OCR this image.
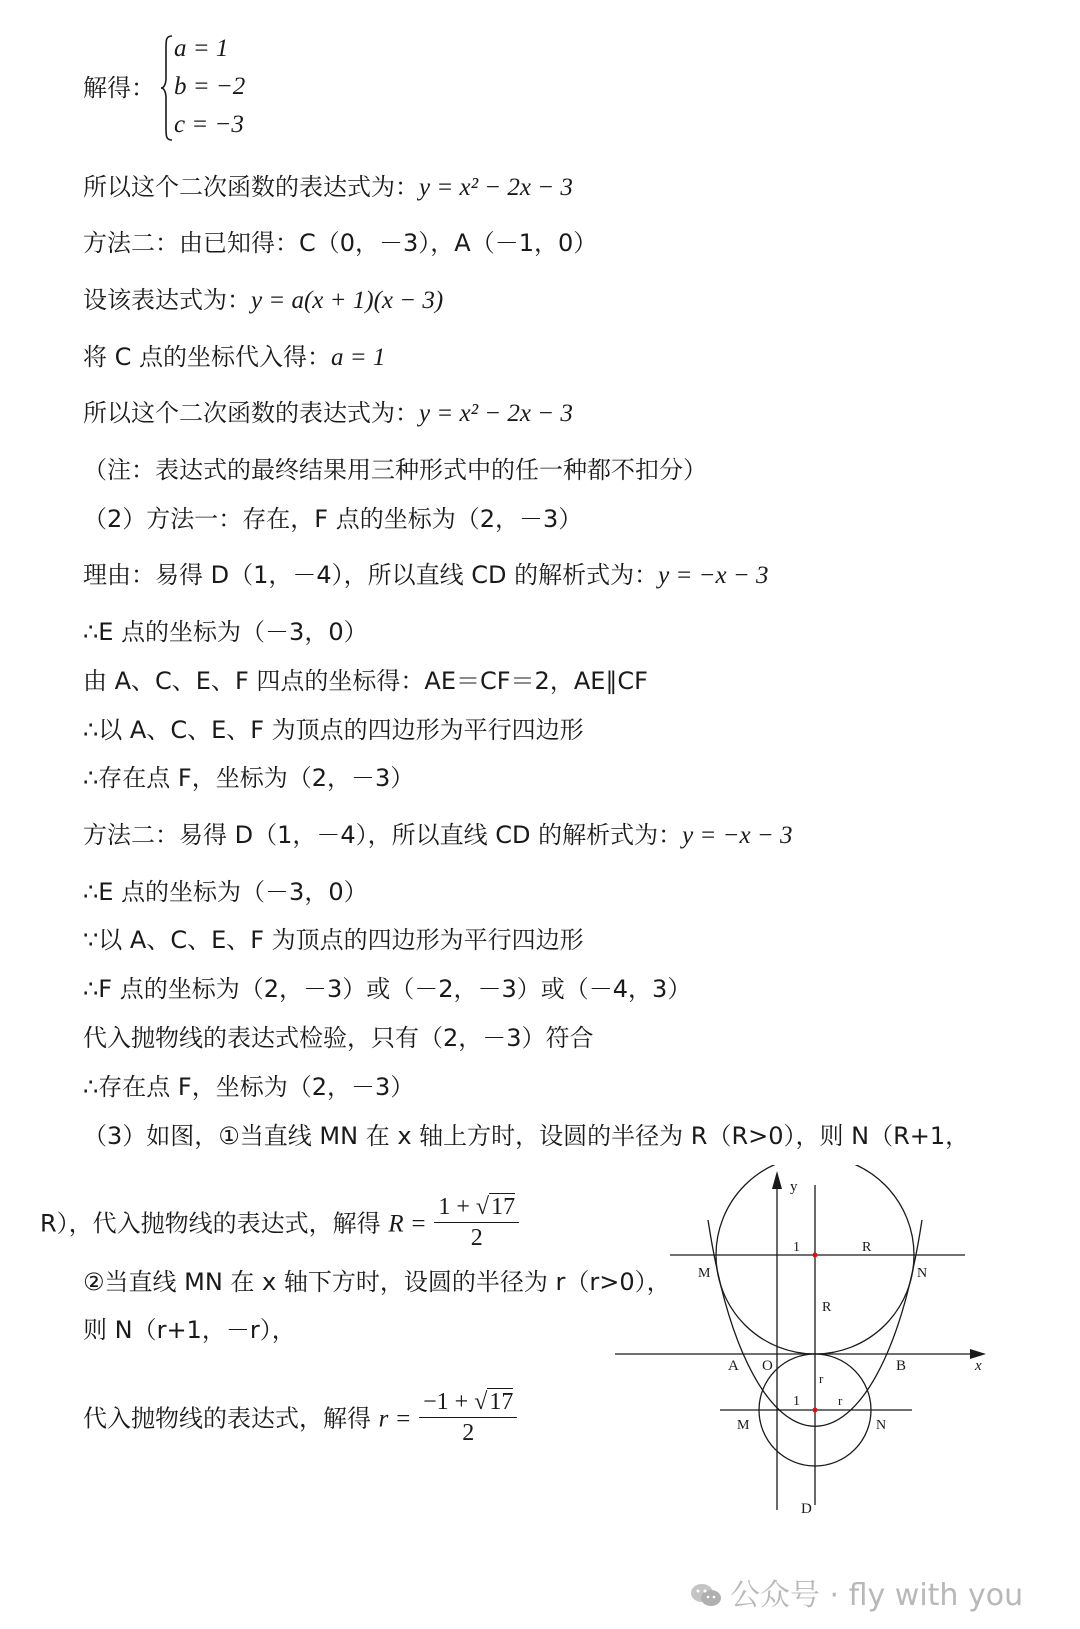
解得：
a = 1
b = −2
c = −3
所以这个二次函数的表达式为：y = x² − 2x − 3
方法二：由已知得：C（0，－3），A（－1，0）
设该表达式为：y = a(x + 1)(x − 3)
将 C 点的坐标代入得：a = 1
所以这个二次函数的表达式为：y = x² − 2x − 3
（注：表达式的最终结果用三种形式中的任一种都不扣分）
（2）方法一：存在，F 点的坐标为（2，－3）
理由：易得 D（1，－4），所以直线 CD 的解析式为：y = −x − 3
∴E 点的坐标为（－3，0）
由 A、C、E、F 四点的坐标得：AE＝CF＝2，AE∥CF
∴以 A、C、E、F 为顶点的四边形为平行四边形
∴存在点 F，坐标为（2，－3）
方法二：易得 D（1，－4），所以直线 CD 的解析式为：y = −x − 3
∴E 点的坐标为（－3，0）
∵以 A、C、E、F 为顶点的四边形为平行四边形
∴F 点的坐标为（2，－3）或（－2，－3）或（－4，3）
代入抛物线的表达式检验，只有（2，－3）符合
∴存在点 F，坐标为（2，－3）
（3）如图，①当直线 MN 在 x 轴上方时，设圆的半径为 R（R>0），则 N（R+1，
R），代入抛物线的表达式，解得 $R = \frac{1 + √17}{2}$
②当直线 MN 在 x 轴下方时，设圆的半径为 r（r>0），
则 N（r+1，－r），
代入抛物线的表达式，解得 $r = \frac{-1 + √17}{2}$
y
x
O
A	B
D
M	N
M	N
1
1
R
R
r
r
公众号 · fly with you
